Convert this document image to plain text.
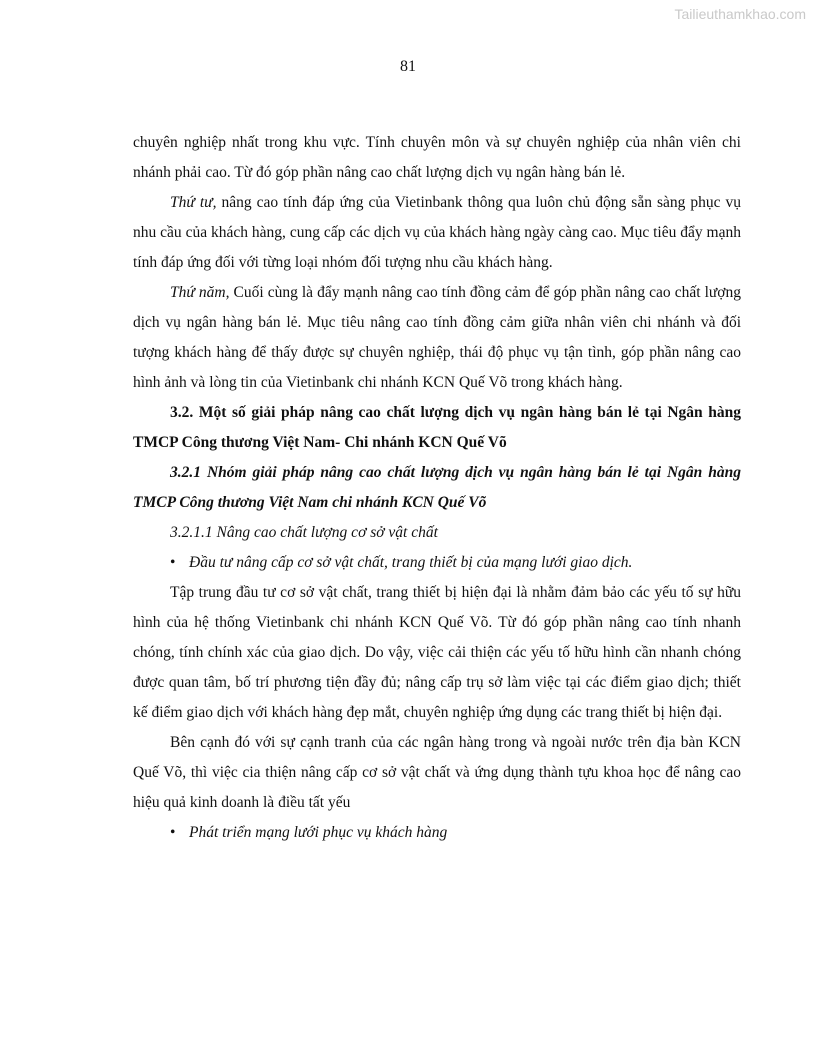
Tailieuthamkhao.com
81

chuyên nghiệp nhất trong khu vực. Tính chuyên môn và sự chuyên nghiệp của nhân viên chi nhánh phải cao. Từ đó góp phần nâng cao chất lượng dịch vụ ngân hàng bán lẻ.

Thứ tư, nâng cao tính đáp ứng của Vietinbank thông qua luôn chủ động sẵn sàng phục vụ nhu cầu của khách hàng, cung cấp các dịch vụ của khách hàng ngày càng cao. Mục tiêu đẩy mạnh tính đáp ứng đối với từng loại nhóm đối tượng nhu cầu khách hàng.

Thứ năm, Cuối cùng là đẩy mạnh nâng cao tính đồng cảm để góp phần nâng cao chất lượng dịch vụ ngân hàng bán lẻ. Mục tiêu nâng cao tính đồng cảm giữa nhân viên chi nhánh và đối tượng khách hàng để thấy được sự chuyên nghiệp, thái độ phục vụ tận tình, góp phần nâng cao hình ảnh và lòng tin của Vietinbank chi nhánh KCN Quế Võ trong khách hàng.

3.2. Một số giải pháp nâng cao chất lượng dịch vụ ngân hàng bán lẻ tại Ngân hàng TMCP Công thương Việt Nam- Chi nhánh KCN Quế Võ

3.2.1 Nhóm giải pháp nâng cao chất lượng dịch vụ ngân hàng bán lẻ tại Ngân hàng TMCP Công thương Việt Nam chi nhánh KCN Quế Võ

3.2.1.1 Nâng cao chất lượng cơ sở vật chất

• Đầu tư nâng cấp cơ sở vật chất, trang thiết bị của mạng lưới giao dịch.

Tập trung đầu tư cơ sở vật chất, trang thiết bị hiện đại là nhằm đảm bảo các yếu tố sự hữu hình của hệ thống Vietinbank chi nhánh KCN Quế Võ. Từ đó góp phần nâng cao tính nhanh chóng, tính chính xác của giao dịch. Do vậy, việc cải thiện các yếu tố hữu hình cần nhanh chóng được quan tâm, bố trí phương tiện đầy đủ; nâng cấp trụ sở làm việc tại các điểm giao dịch; thiết kế điểm giao dịch với khách hàng đẹp mắt, chuyên nghiệp ứng dụng các trang thiết bị hiện đại.

Bên cạnh đó với sự cạnh tranh của các ngân hàng trong và ngoài nước trên địa bàn KCN Quế Võ, thì việc cia thiện nâng cấp cơ sở vật chất và ứng dụng thành tựu khoa học để nâng cao hiệu quả kinh doanh là điều tất yếu

• Phát triển mạng lưới phục vụ khách hàng
